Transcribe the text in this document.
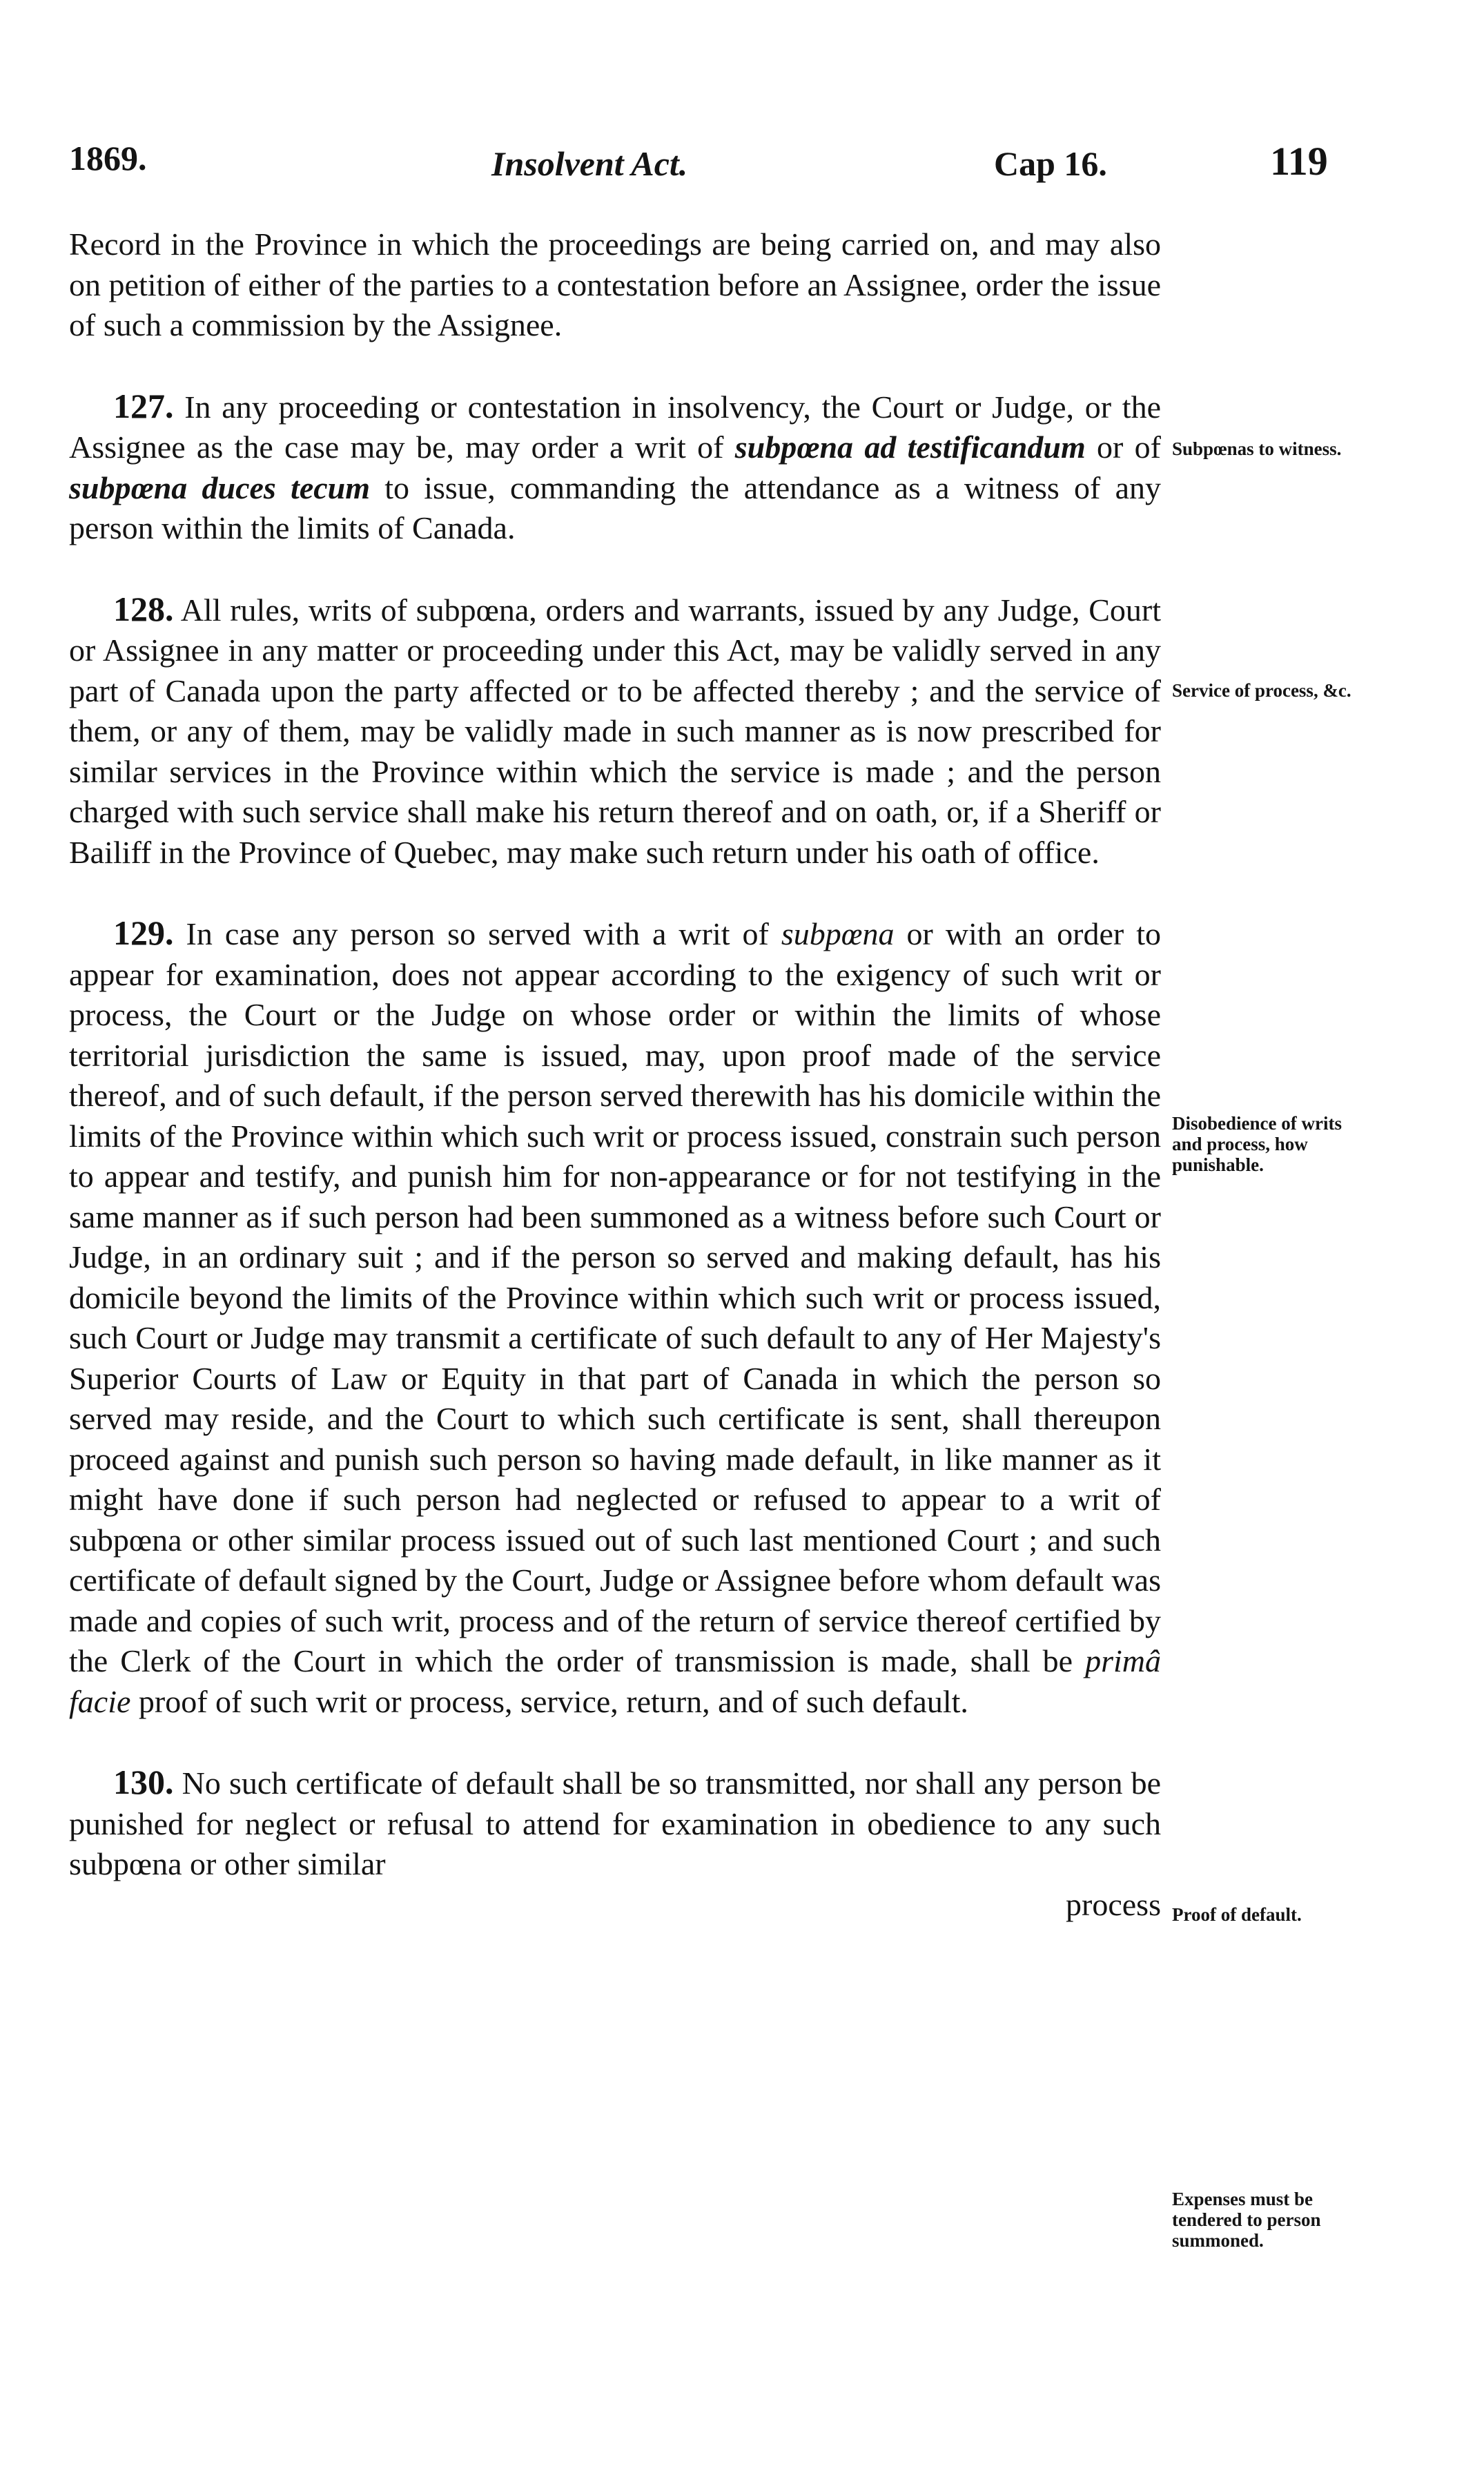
1869.	Insolvent Act.	Cap 16.	119

Record in the Province in which the proceedings are being carried on, and may also on petition of either of the parties to a contestation before an Assignee, order the issue of such a commission by the Assignee.

127. In any proceeding or contestation in insolvency, the Court or Judge, or the Assignee as the case may be, may order a writ of subpœna ad testificandum or of subpœna duces tecum to issue, commanding the attendance as a witness of any person within the limits of Canada.

128. All rules, writs of subpœna, orders and warrants, issued by any Judge, Court or Assignee in any matter or proceeding under this Act, may be validly served in any part of Canada upon the party affected or to be affected thereby ; and the service of them, or any of them, may be validly made in such manner as is now prescribed for similar services in the Province within which the service is made ; and the person charged with such service shall make his return thereof and on oath, or, if a Sheriff or Bailiff in the Province of Quebec, may make such return under his oath of office.

129. In case any person so served with a writ of subpœna or with an order to appear for examination, does not appear according to the exigency of such writ or process, the Court or the Judge on whose order or within the limits of whose territorial jurisdiction the same is issued, may, upon proof made of the service thereof, and of such default, if the person served therewith has his domicile within the limits of the Province within which such writ or process issued, constrain such person to appear and testify, and punish him for non-appearance or for not testifying in the same manner as if such person had been summoned as a witness before such Court or Judge, in an ordinary suit ; and if the person so served and making default, has his domicile beyond the limits of the Province within which such writ or process issued, such Court or Judge may transmit a certificate of such default to any of Her Majesty's Superior Courts of Law or Equity in that part of Canada in which the person so served may reside, and the Court to which such certificate is sent, shall thereupon proceed against and punish such person so having made default, in like manner as it might have done if such person had neglected or refused to appear to a writ of subpœna or other similar process issued out of such last mentioned Court ; and such certificate of default signed by the Court, Judge or Assignee before whom default was made and copies of such writ, process and of the return of service thereof certified by the Clerk of the Court in which the order of transmission is made, shall be primâ facie proof of such writ or process, service, return, and of such default.

130. No such certificate of default shall be so transmitted, nor shall any person be punished for neglect or refusal to attend for examination in obedience to any such subpœna or other similar

process

Subpœnas to witness.
Service of process, &c.
Disobedience of writs and process, how punishable.
Proof of default.
Expenses must be tendered to person summoned.
